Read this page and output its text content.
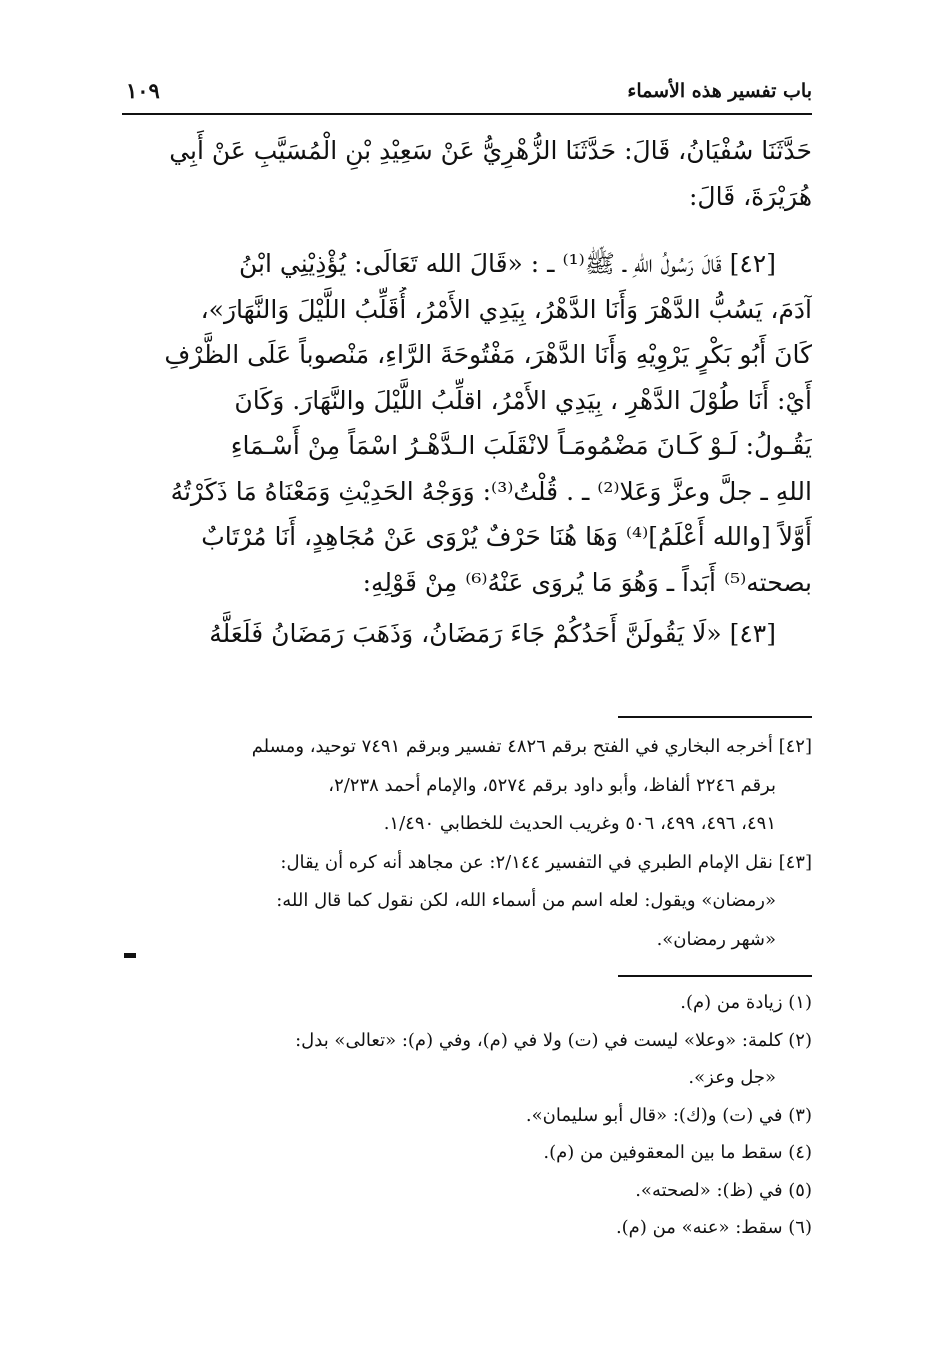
باب تفسير هذه الأسماء
١٠٩
حَدَّثَنَا سُفْيَانُ، قَالَ: حَدَّثَنَا الزُّهْرِيُّ عَنْ سَعِيْدِ بْنِ الْمُسَيَّبِ عَنْ أَبِي
هُرَيْرَةَ، قَالَ:
[٤٢] قَالَ رَسُولُ اللهِ ـ ﷺ⁽¹⁾ ـ : «قَالَ الله تَعَالَى: يُؤْذِيْنِي ابْنُ
آدَمَ، يَسُبُّ الدَّهْرَ وَأَنَا الدَّهْرُ، بِيَدِي الأَمْرُ، أُقَلِّبُ اللَّيْلَ وَالنَّهَارَ»،
كَانَ أَبُو بَكْرٍ يَرْوِيْهِ وَأَنَا الدَّهْرَ، مَفْتُوحَةَ الرَّاءِ، مَنْصوباً عَلَى الظَّرْفِ
أَيْ: أَنَا طُوْلَ الدَّهْرِ ، بِيَدِي الأَمْرُ، اقلِّبُ اللَّيْلَ والنَّهَارَ. وَكَانَ
يَقُـولُ: لَـوْ كَـانَ مَضْمُومَـاً لانْقَلَبَ الـدَّهْـرُ اسْمَاً مِنْ أَسْـمَاءِ
اللهِ ـ جلَّ وعزَّ وَعَلا⁽²⁾ ـ . قُلْتُ⁽³⁾: وَوَجْهُ الحَدِيْثِ وَمَعْنَاهُ مَا ذَكَرْتُهُ
أَوَّلاً [والله أَعْلَمُ]⁽⁴⁾ وَهَا هُنَا حَرْفٌ يُرْوَى عَنْ مُجَاهِدٍ، أَنَا مُرْتَابٌ
بصحته⁽⁵⁾ أَبَداً ـ وَهُوَ مَا يُروَى عَنْهُ⁽⁶⁾ مِنْ قَوْلِهِ:
[٤٣] «لَا يَقُولَنَّ أَحَدُكُمْ جَاءَ رَمَضَانُ، وَذَهَبَ رَمَضَانُ فَلَعَلَّهُ
[٤٢] أخرجه البخاري في الفتح برقم ٤٨٢٦ تفسير وبرقم ٧٤٩١ توحيد، ومسلم
برقم ٢٢٤٦ ألفاظ، وأبو داود برقم ٥٢٧٤، والإمام أحمد ٢/٢٣٨،
٤٩١، ٤٩٦، ٤٩٩، ٥٠٦ وغريب الحديث للخطابي ١/٤٩٠.
[٤٣] نقل الإمام الطبري في التفسير ٢/١٤٤: عن مجاهد أنه كره أن يقال:
«رمضان» ويقول: لعله اسم من أسماء الله، لكن نقول كما قال الله:
«شهر رمضان».
(١) زيادة من (م).
(٢) كلمة: «وعلا» ليست في (ت) ولا في (م)، وفي (م): «تعالى» بدل:
«جل وعز».
(٣) في (ت) و(ك): «قال أبو سليمان».
(٤) سقط ما بين المعقوفين من (م).
(٥) في (ظ): «لصحته».
(٦) سقط: «عنه» من (م).
